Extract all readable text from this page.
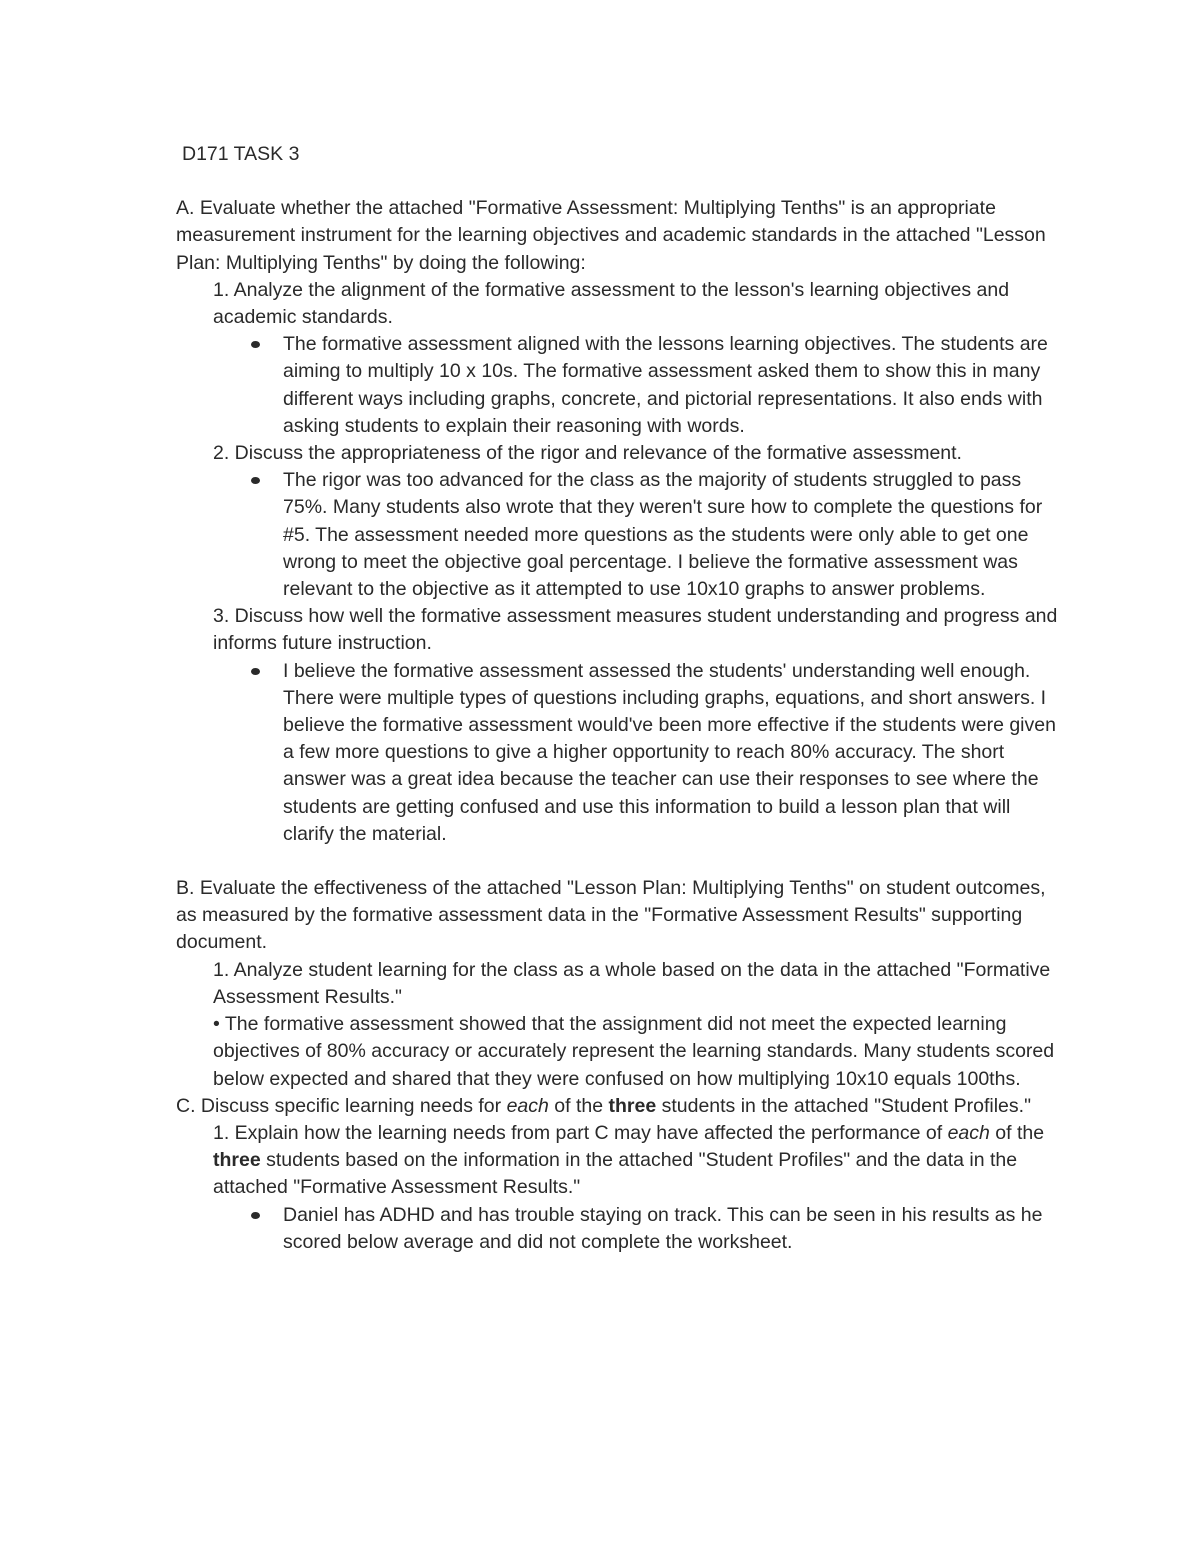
D171 TASK 3

A. Evaluate whether the attached "Formative Assessment: Multiplying Tenths" is an appropriate measurement instrument for the learning objectives and academic standards in the attached "Lesson Plan: Multiplying Tenths" by doing the following:

1. Analyze the alignment of the formative assessment to the lesson's learning objectives and academic standards.

The formative assessment aligned with the lessons learning objectives. The students are aiming to multiply 10 x 10s. The formative assessment asked them to show this in many different ways including graphs, concrete, and pictorial representations. It also ends with asking students to explain their reasoning with words.

2. Discuss the appropriateness of the rigor and relevance of the formative assessment.

The rigor was too advanced for the class as the majority of students struggled to pass 75%. Many students also wrote that they weren't sure how to complete the questions for #5. The assessment needed more questions as the students were only able to get one wrong to meet the objective goal percentage. I believe the formative assessment was relevant to the objective as it attempted to use 10x10 graphs to answer problems.

3. Discuss how well the formative assessment measures student understanding and progress and informs future instruction.

I believe the formative assessment assessed the students' understanding well enough. There were multiple types of questions including graphs, equations, and short answers. I believe the formative assessment would've been more effective if the students were given a few more questions to give a higher opportunity to reach 80% accuracy. The short answer was a great idea because the teacher can use their responses to see where the students are getting confused and use this information to build a lesson plan that will clarify the material.

B. Evaluate the effectiveness of the attached "Lesson Plan: Multiplying Tenths" on student outcomes, as measured by the formative assessment data in the "Formative Assessment Results" supporting document.

1. Analyze student learning for the class as a whole based on the data in the attached "Formative Assessment Results."

• The formative assessment showed that the assignment did not meet the expected learning objectives of 80% accuracy or accurately represent the learning standards. Many students scored below expected and shared that they were confused on how multiplying 10x10 equals 100ths.

C. Discuss specific learning needs for each of the three students in the attached "Student Profiles."

1. Explain how the learning needs from part C may have affected the performance of each of the three students based on the information in the attached "Student Profiles" and the data in the attached "Formative Assessment Results."

Daniel has ADHD and has trouble staying on track. This can be seen in his results as he scored below average and did not complete the worksheet.
